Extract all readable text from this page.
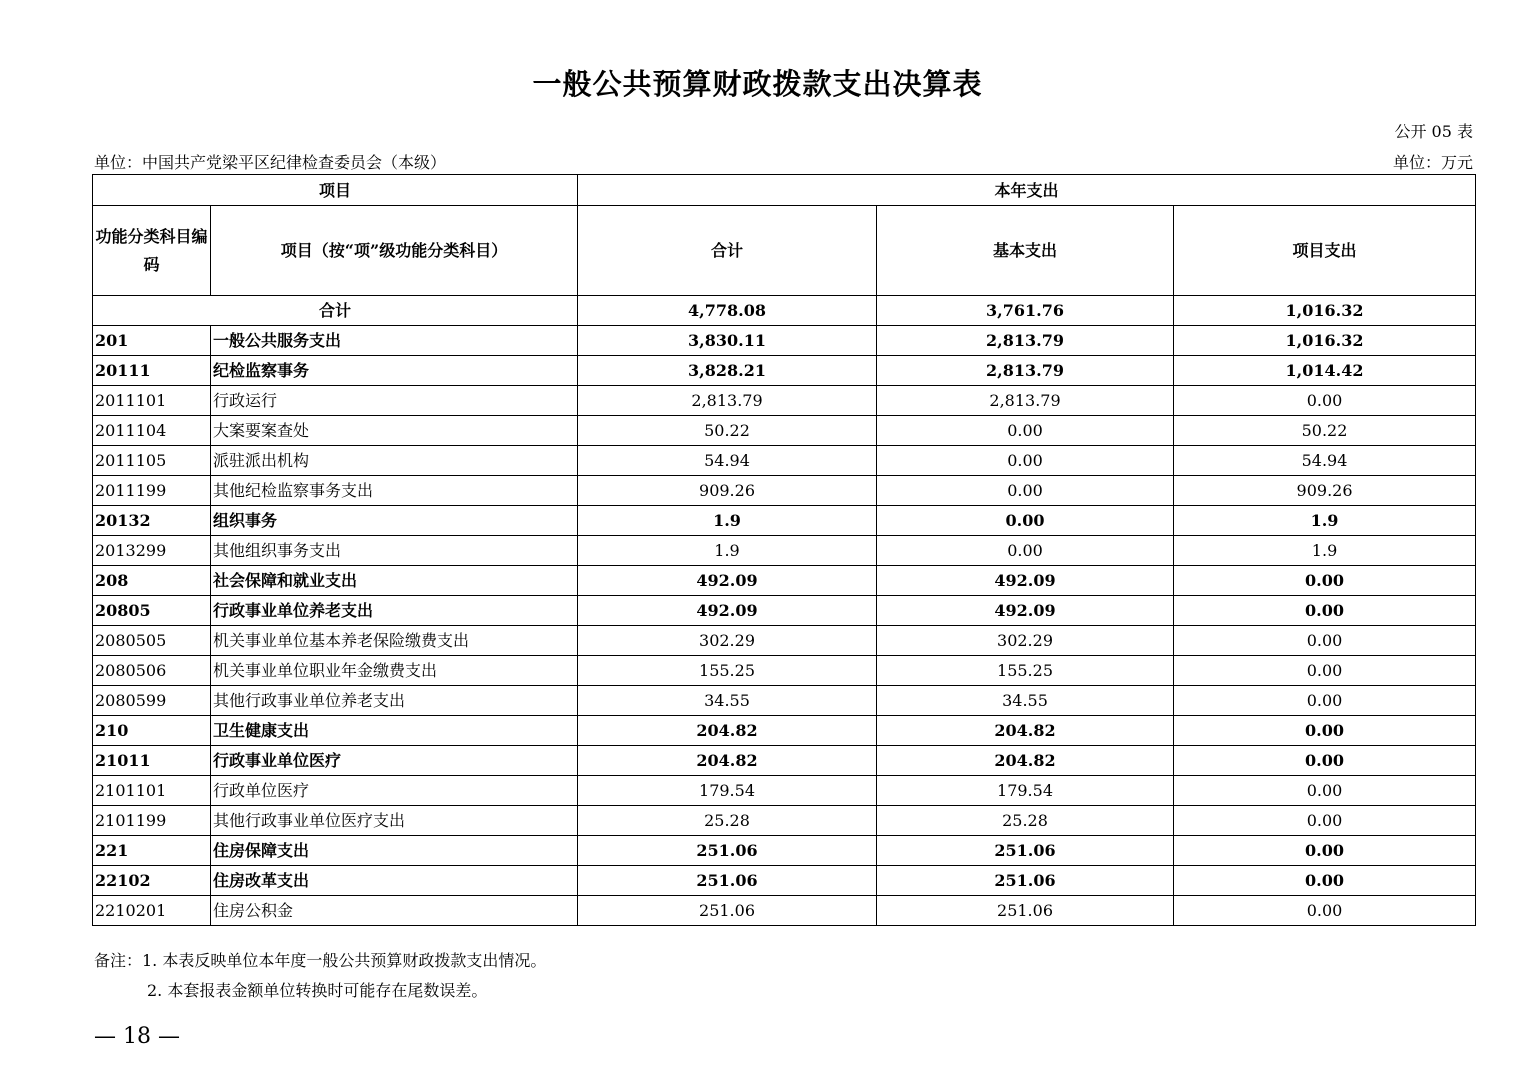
一般公共预算财政拨款支出决算表
公开 05 表
单位：中国共产党梁平区纪律检查委员会（本级）	单位：万元
项目		本年支出		
功能分类科目编码	项目（按“项”级功能分类科目）	合计	基本支出	项目支出
合计		4,778.08	3,761.76	1,016.32
201	一般公共服务支出	3,830.11	2,813.79	1,016.32
20111	纪检监察事务	3,828.21	2,813.79	1,014.42
2011101	行政运行	2,813.79	2,813.79	0.00
2011104	大案要案查处	50.22	0.00	50.22
2011105	派驻派出机构	54.94	0.00	54.94
2011199	其他纪检监察事务支出	909.26	0.00	909.26
20132	组织事务	1.9	0.00	1.9
2013299	其他组织事务支出	1.9	0.00	1.9
208	社会保障和就业支出	492.09	492.09	0.00
20805	行政事业单位养老支出	492.09	492.09	0.00
2080505	机关事业单位基本养老保险缴费支出	302.29	302.29	0.00
2080506	机关事业单位职业年金缴费支出	155.25	155.25	0.00
2080599	其他行政事业单位养老支出	34.55	34.55	0.00
210	卫生健康支出	204.82	204.82	0.00
21011	行政事业单位医疗	204.82	204.82	0.00
2101101	行政单位医疗	179.54	179.54	0.00
2101199	其他行政事业单位医疗支出	25.28	25.28	0.00
221	住房保障支出	251.06	251.06	0.00
22102	住房改革支出	251.06	251.06	0.00
2210201	住房公积金	251.06	251.06	0.00
备注：1. 本表反映单位本年度一般公共预算财政拨款支出情况。
2. 本套报表金额单位转换时可能存在尾数误差。
— 18 —
